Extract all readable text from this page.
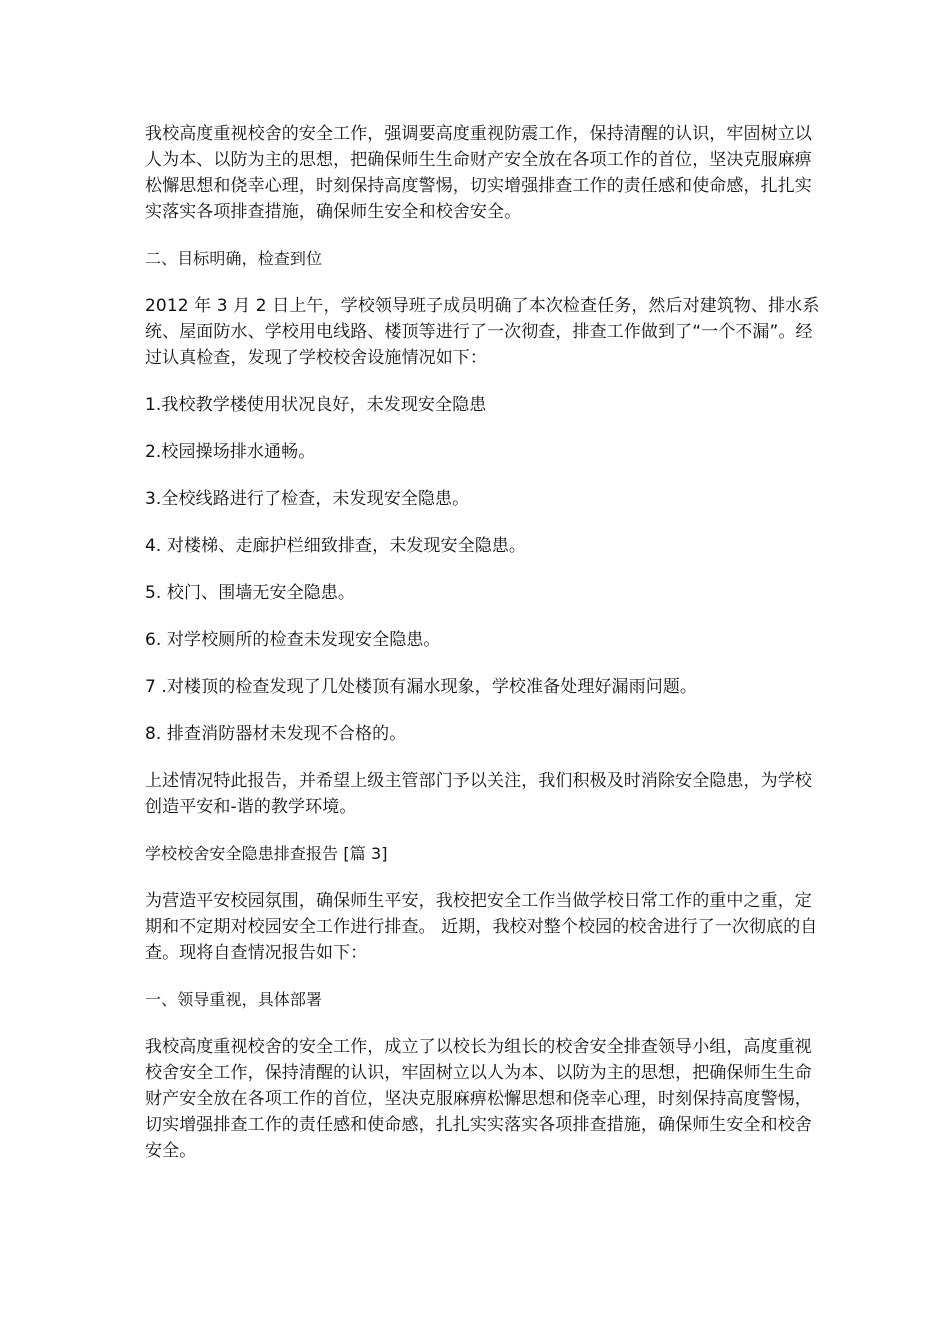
我校高度重视校舍的安全工作，强调要高度重视防震工作，保持清醒的认识，牢固树立以人为本、以防为主的思想，把确保师生生命财产安全放在各项工作的首位，坚决克服麻痹松懈思想和侥幸心理，时刻保持高度警惕，切实增强排查工作的责任感和使命感，扎扎实实落实各项排查措施，确保师生安全和校舍安全。

二、目标明确，检查到位

2012 年 3 月 2 日上午，学校领导班子成员明确了本次检查任务，然后对建筑物、排水系统、屋面防水、学校用电线路、楼顶等进行了一次彻查，排查工作做到了“一个不漏”。经过认真检查，发现了学校校舍设施情况如下：

1.我校教学楼使用状况良好，未发现安全隐患

2.校园操场排水通畅。

3.全校线路进行了检查，未发现安全隐患。

4. 对楼梯、走廊护栏细致排查，未发现安全隐患。

5. 校门、围墙无安全隐患。

6. 对学校厕所的检查未发现安全隐患。

7 .对楼顶的检查发现了几处楼顶有漏水现象，学校准备处理好漏雨问题。

8. 排查消防器材未发现不合格的。

上述情况特此报告，并希望上级主管部门予以关注，我们积极及时消除安全隐患，为学校创造平安和-谐的教学环境。

学校校舍安全隐患排查报告 [篇 3]

为营造平安校园氛围，确保师生平安，我校把安全工作当做学校日常工作的重中之重，定期和不定期对校园安全工作进行排查。 近期，我校对整个校园的校舍进行了一次彻底的自查。现将自查情况报告如下：

一、领导重视，具体部署

我校高度重视校舍的安全工作，成立了以校长为组长的校舍安全排查领导小组，高度重视校舍安全工作，保持清醒的认识，牢固树立以人为本、以防为主的思想，把确保师生生命财产安全放在各项工作的首位，坚决克服麻痹松懈思想和侥幸心理，时刻保持高度警惕，切实增强排查工作的责任感和使命感，扎扎实实落实各项排查措施，确保师生安全和校舍安全。
